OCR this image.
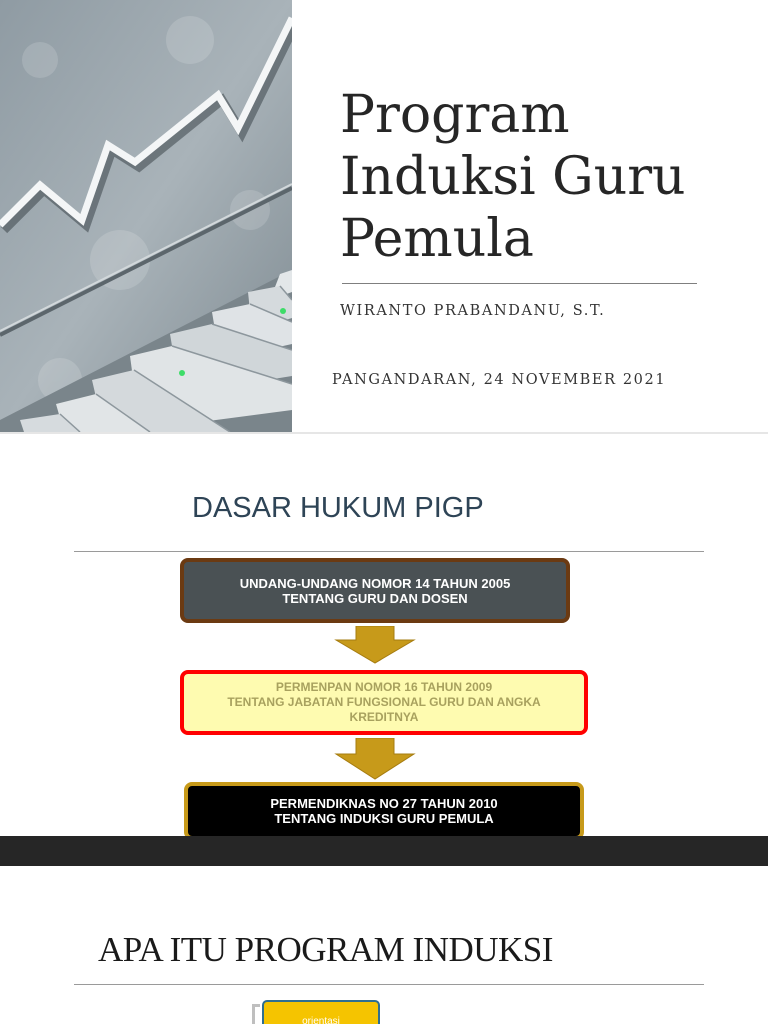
Program
Induksi Guru
Pemula
WIRANTO PRABANDANU, S.T.
PANGANDARAN, 24 NOVEMBER 2021
DASAR HUKUM PIGP
UNDANG-UNDANG NOMOR 14 TAHUN 2005
TENTANG GURU DAN DOSEN
PERMENPAN NOMOR 16 TAHUN 2009
TENTANG JABATAN FUNGSIONAL GURU DAN ANGKA
KREDITNYA
PERMENDIKNAS NO 27 TAHUN 2010
TENTANG INDUKSI GURU PEMULA
APA ITU PROGRAM INDUKSI
orientasi
